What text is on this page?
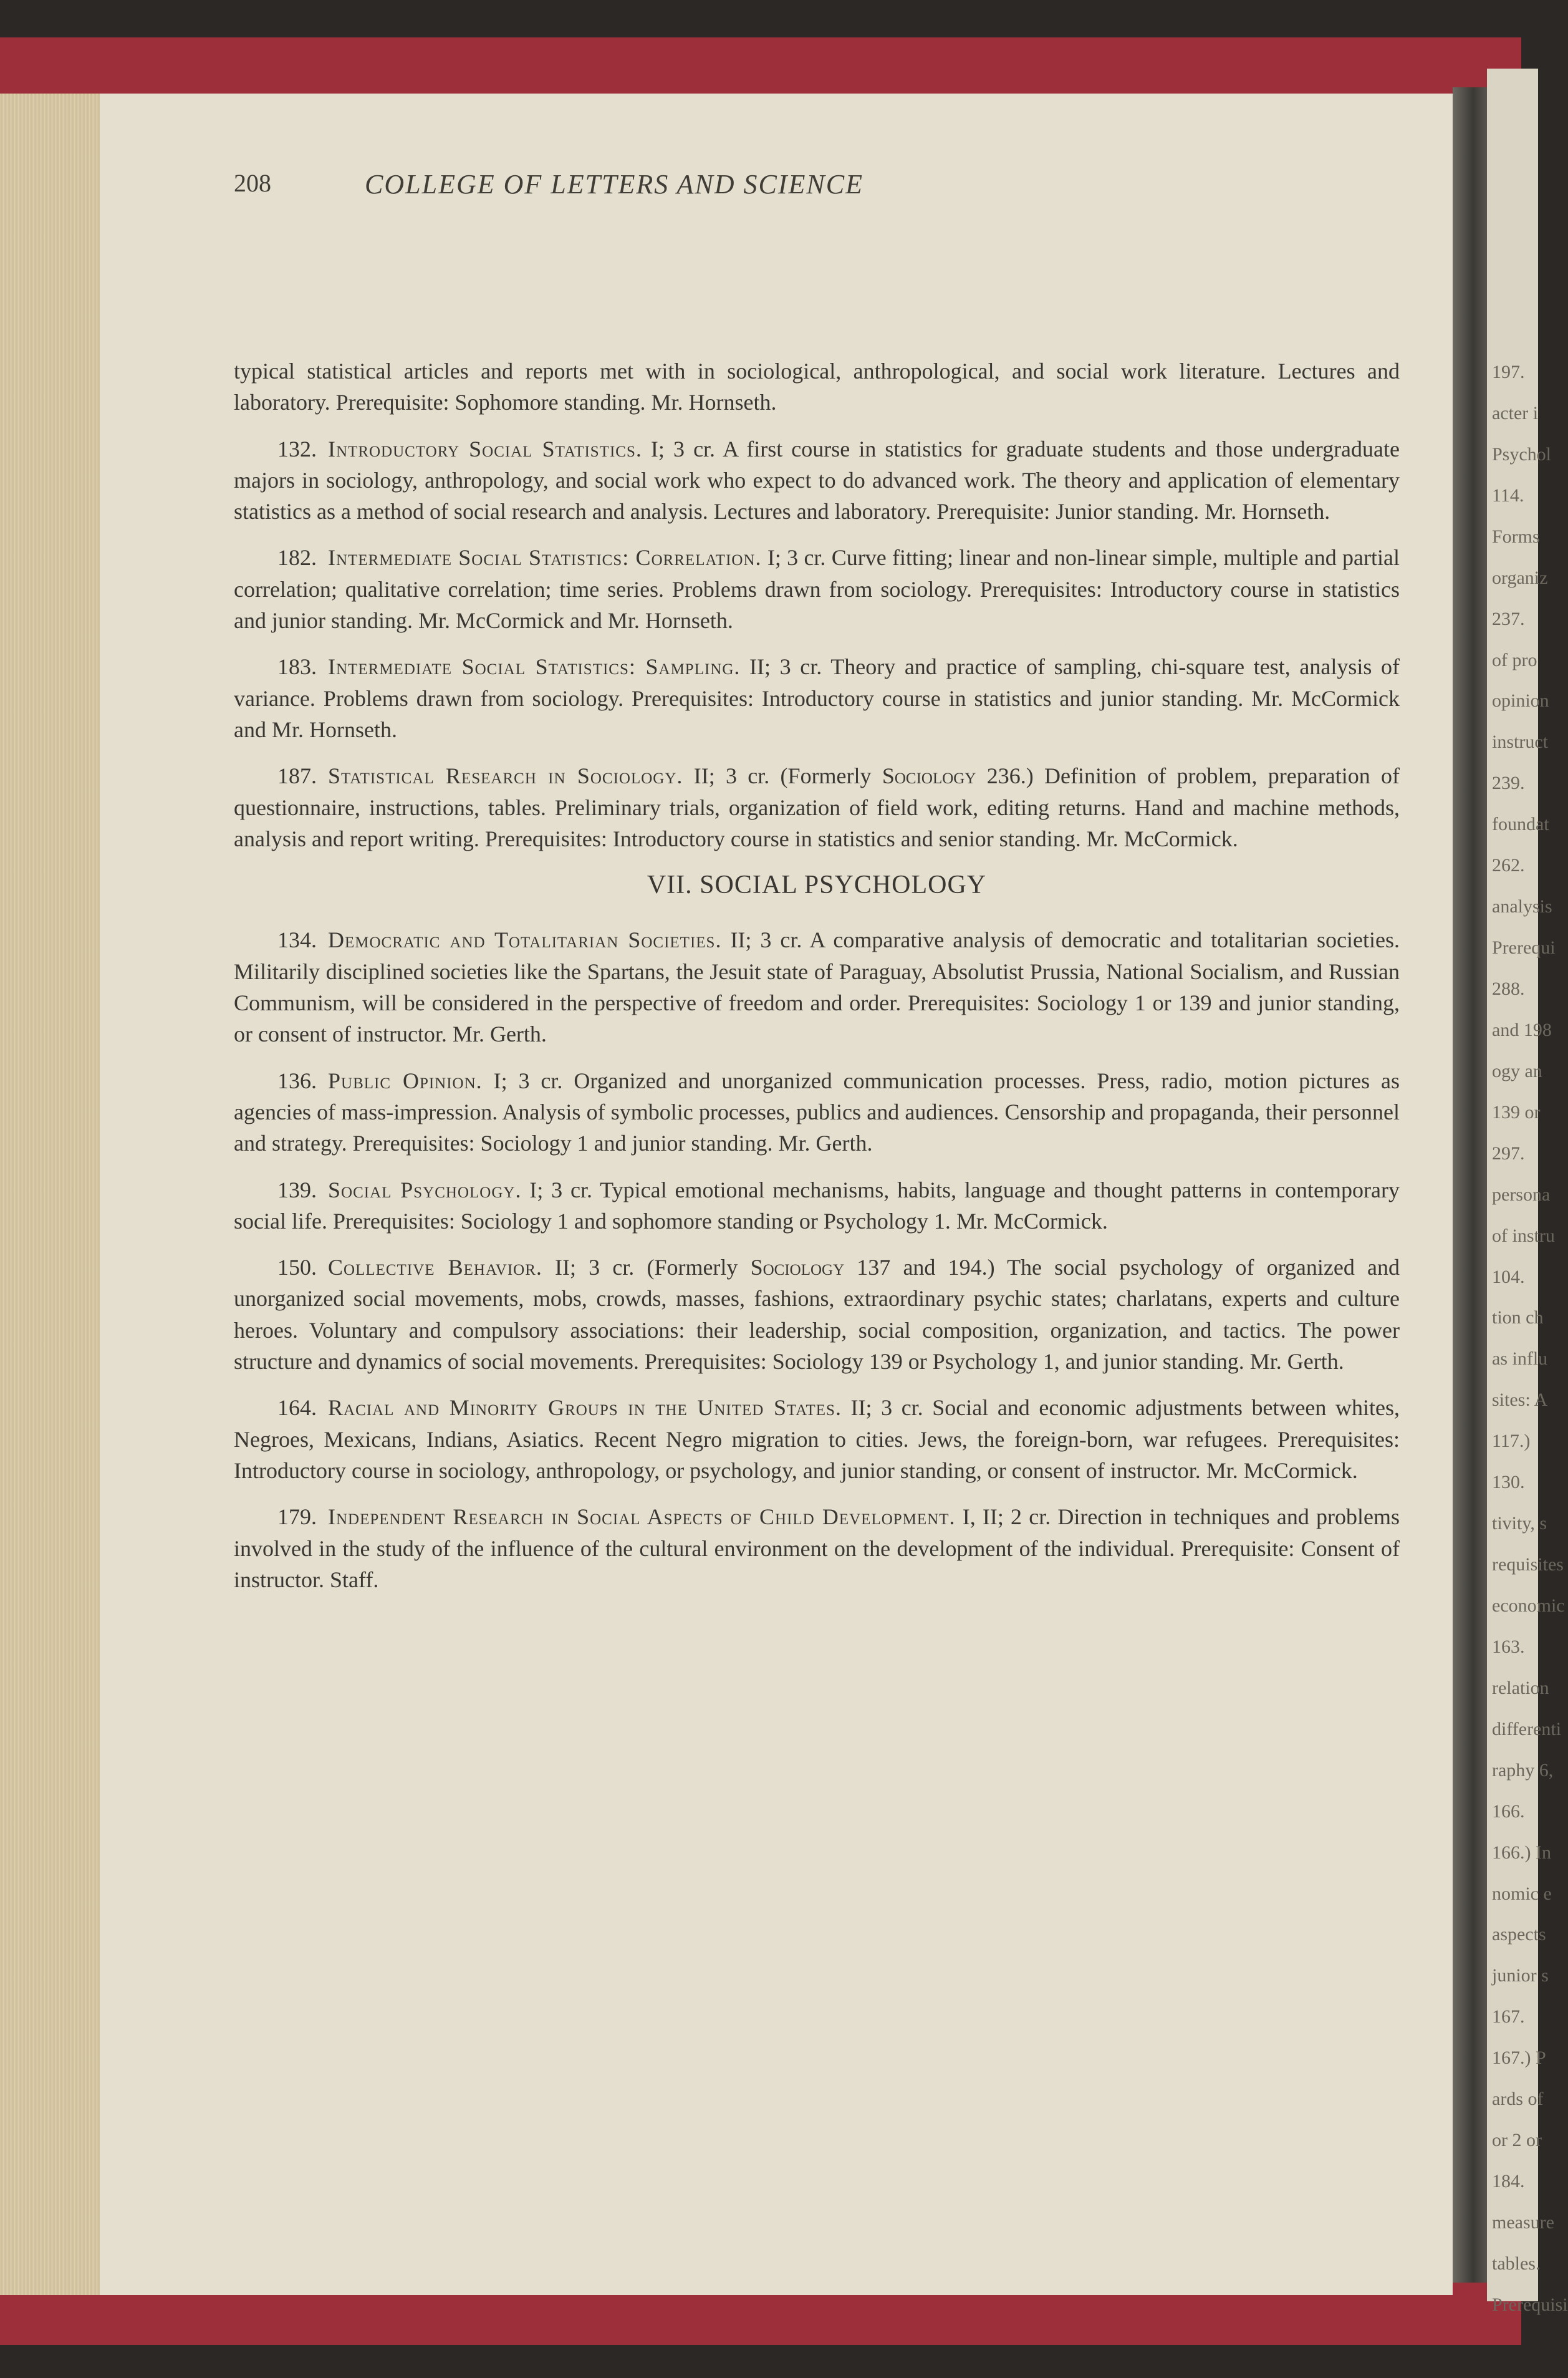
197.
acter i
Psychol
114.
Forms
organiz
237.
of pro
opinion
instruct
239.
foundat
262.
analysis
Prerequi
288.
and 198
ogy an
139 or
297.
persona
of instru
104.
tion ch
as influ
sites: A
117.)
130.
tivity, s
requisites
economic
163.
relation
differenti
raphy 6,
166.
166.) In
nomic e
aspects
junior s
167.
167.) P
ards of
or 2 or
184.
measure
tables.
Prerequisi
208	COLLEGE OF LETTERS AND SCIENCE

typical statistical articles and reports met with in sociological, anthropological, and social work literature. Lectures and laboratory. Prerequisite: Sophomore standing. Mr. Hornseth.

132. Introductory Social Statistics. I; 3 cr. A first course in statistics for graduate students and those undergraduate majors in sociology, anthropology, and social work who expect to do advanced work. The theory and application of elementary statistics as a method of social research and analysis. Lectures and laboratory. Prerequisite: Junior standing. Mr. Hornseth.

182. Intermediate Social Statistics: Correlation. I; 3 cr. Curve fitting; linear and non-linear simple, multiple and partial correlation; qualitative correlation; time series. Problems drawn from sociology. Prerequisites: Introductory course in statistics and junior standing. Mr. McCormick and Mr. Hornseth.

183. Intermediate Social Statistics: Sampling. II; 3 cr. Theory and practice of sampling, chi-square test, analysis of variance. Problems drawn from sociology. Prerequisites: Introductory course in statistics and junior standing. Mr. McCormick and Mr. Hornseth.

187. Statistical Research in Sociology. II; 3 cr. (Formerly Sociology 236.) Definition of problem, preparation of questionnaire, instructions, tables. Preliminary trials, organization of field work, editing returns. Hand and machine methods, analysis and report writing. Prerequisites: Introductory course in statistics and senior standing. Mr. McCormick.

VII. SOCIAL PSYCHOLOGY

134. Democratic and Totalitarian Societies. II; 3 cr. A comparative analysis of democratic and totalitarian societies. Militarily disciplined societies like the Spartans, the Jesuit state of Paraguay, Absolutist Prussia, National Socialism, and Russian Communism, will be considered in the perspective of freedom and order. Prerequisites: Sociology 1 or 139 and junior standing, or consent of instructor. Mr. Gerth.

136. Public Opinion. I; 3 cr. Organized and unorganized communication processes. Press, radio, motion pictures as agencies of mass-impression. Analysis of symbolic processes, publics and audiences. Censorship and propaganda, their personnel and strategy. Prerequisites: Sociology 1 and junior standing. Mr. Gerth.

139. Social Psychology. I; 3 cr. Typical emotional mechanisms, habits, language and thought patterns in contemporary social life. Prerequisites: Sociology 1 and sophomore standing or Psychology 1. Mr. McCormick.

150. Collective Behavior. II; 3 cr. (Formerly Sociology 137 and 194.) The social psychology of organized and unorganized social movements, mobs, crowds, masses, fashions, extraordinary psychic states; charlatans, experts and culture heroes. Voluntary and compulsory associations: their leadership, social composition, organization, and tactics. The power structure and dynamics of social movements. Prerequisites: Sociology 139 or Psychology 1, and junior standing. Mr. Gerth.

164. Racial and Minority Groups in the United States. II; 3 cr. Social and economic adjustments between whites, Negroes, Mexicans, Indians, Asiatics. Recent Negro migration to cities. Jews, the foreign-born, war refugees. Prerequisites: Introductory course in sociology, anthropology, or psychology, and junior standing, or consent of instructor. Mr. McCormick.

179. Independent Research in Social Aspects of Child Development. I, II; 2 cr. Direction in techniques and problems involved in the study of the influence of the cultural environment on the development of the individual. Prerequisite: Consent of instructor. Staff.
